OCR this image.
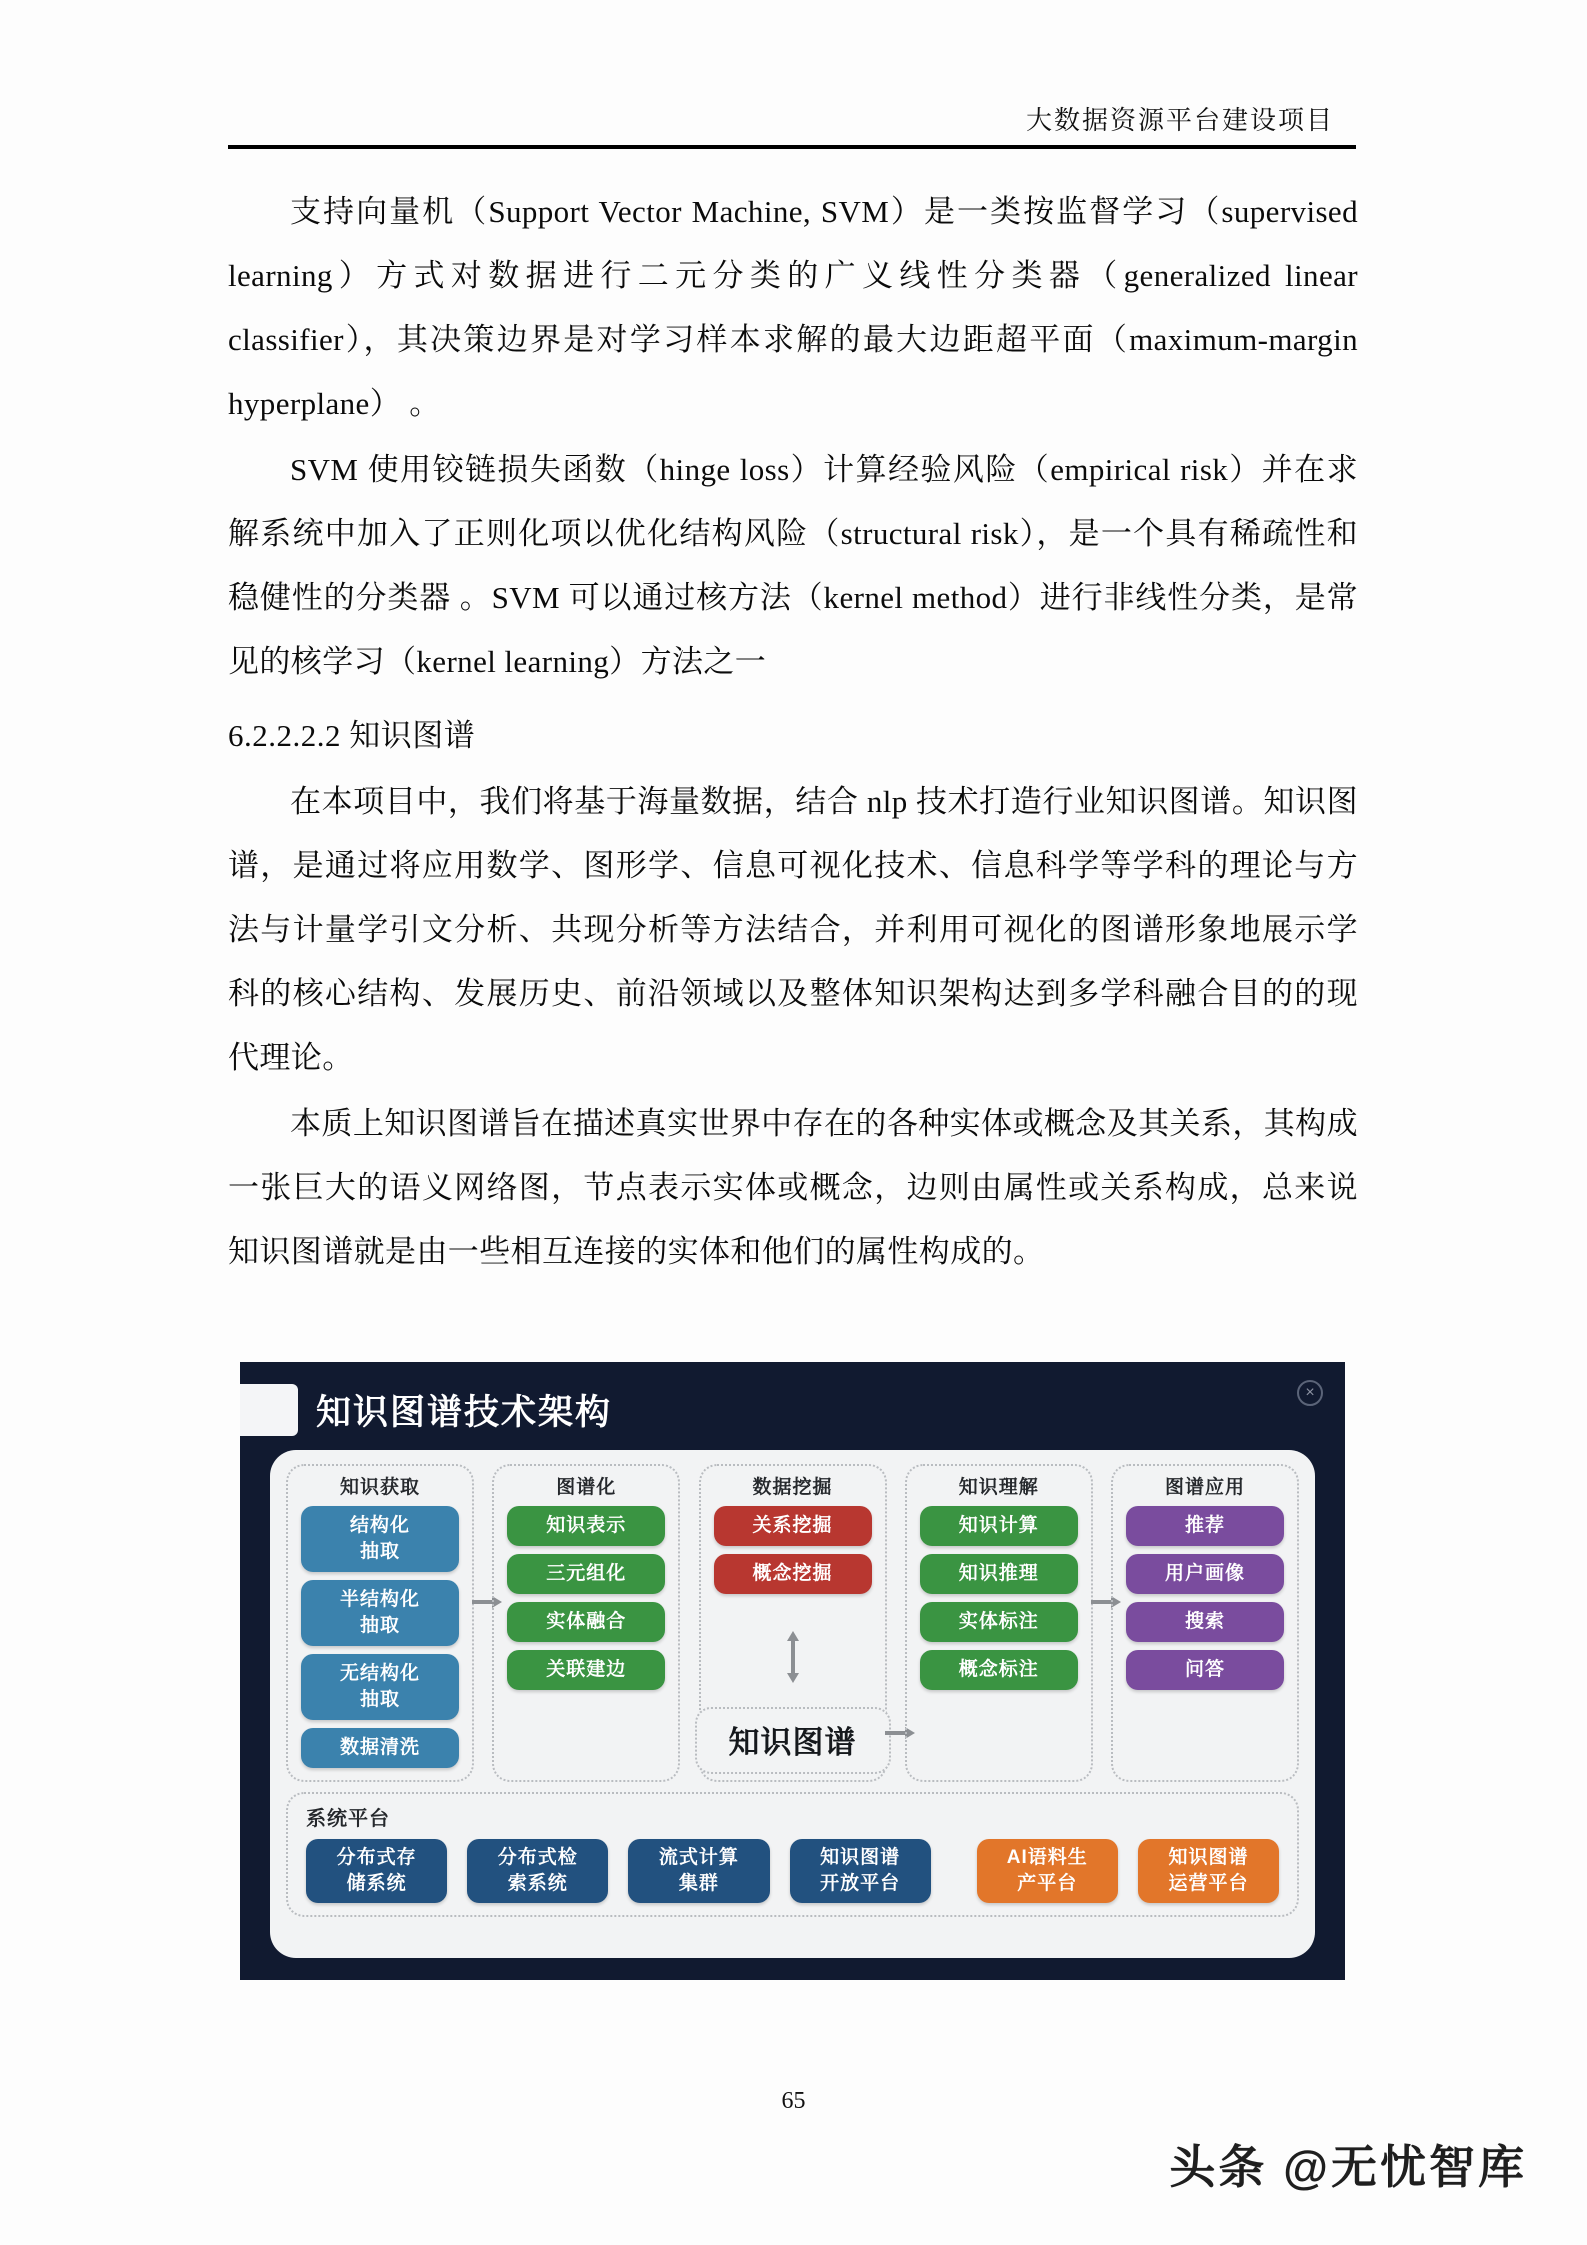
大数据资源平台建设项目

支持向量机（Support Vector Machine, SVM）是一类按监督学习（supervised learning）方式对数据进行二元分类的广义线性分类器（generalized linear classifier），其决策边界是对学习样本求解的最大边距超平面（maximum-margin hyperplane） 。

SVM 使用铰链损失函数（hinge loss）计算经验风险（empirical risk）并在求解系统中加入了正则化项以优化结构风险（structural risk），是一个具有稀疏性和稳健性的分类器 。SVM 可以通过核方法（kernel method）进行非线性分类，是常见的核学习（kernel learning）方法之一

6.2.2.2.2 知识图谱

在本项目中，我们将基于海量数据，结合 nlp 技术打造行业知识图谱。知识图谱，是通过将应用数学、图形学、信息可视化技术、信息科学等学科的理论与方法与计量学引文分析、共现分析等方法结合，并利用可视化的图谱形象地展示学科的核心结构、发展历史、前沿领域以及整体知识架构达到多学科融合目的的现代理论。

本质上知识图谱旨在描述真实世界中存在的各种实体或概念及其关系，其构成一张巨大的语义网络图，节点表示实体或概念，边则由属性或关系构成，总来说知识图谱就是由一些相互连接的实体和他们的属性构成的。

知识图谱技术架构
×
知识获取
结构化
抽取
半结构化
抽取
无结构化
抽取
数据清洗
图谱化
知识表示
三元组化
实体融合
关联建边
数据挖掘
关系挖掘
概念挖掘
知识图谱
知识理解
知识计算
知识推理
实体标注
概念标注
图谱应用
推荐
用户画像
搜索
问答
系统平台
分布式存
储系统
分布式检
索系统
流式计算
集群
知识图谱
开放平台
AI语料生
产平台
知识图谱
运营平台
65
头条 @无忧智库
